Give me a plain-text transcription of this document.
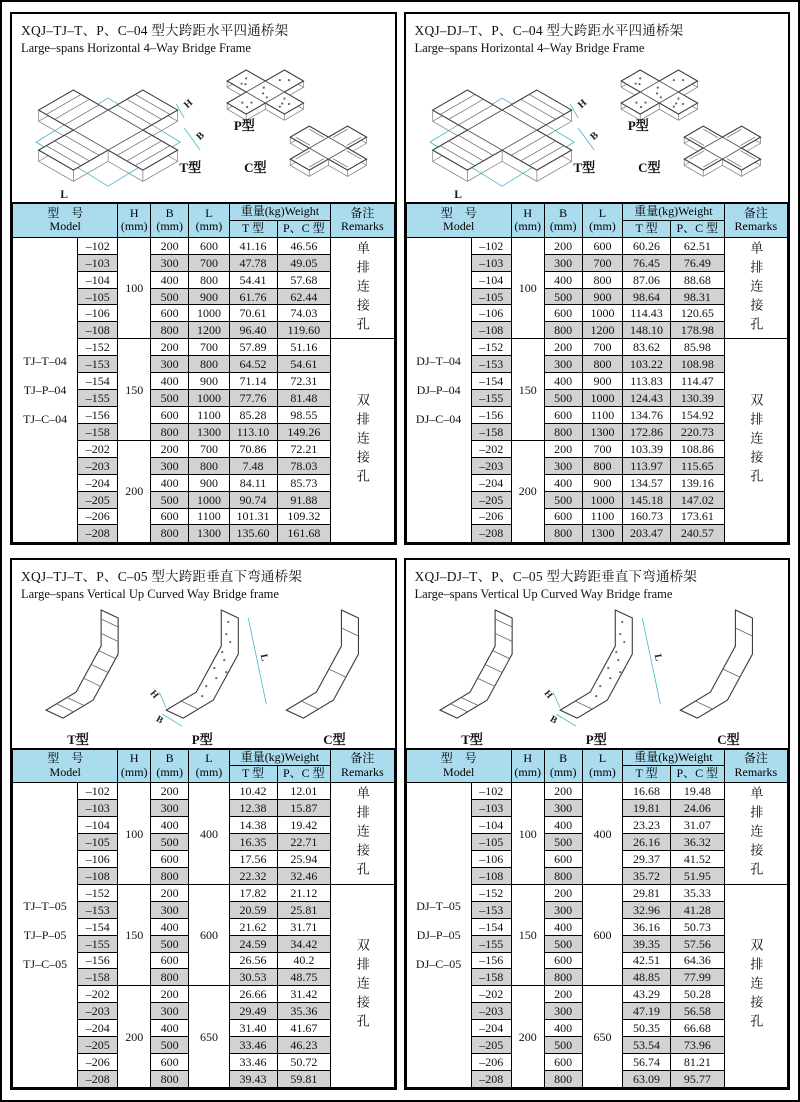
XQJ–TJ–T、P、C–04 型大跨距水平四通桥架
Large–spans Horizontal 4–Way Bridge Frame
T型
P型
C型
H
B
L
型　号
Model

H
(mm)

B
(mm)

L
(mm)
	重量(kg)Weight	备注
Remarks

					T 型	P、C 型	

TJ–T–04
TJ–P–04
TJ–C–04	–102	100	200	600	41.16	46.56	单排连接孔

	–103		300	700	47.78	49.05	
	–104		400	800	54.41	57.68	
	–105		500	900	61.76	62.44	
	–106		600	1000	70.61	74.03	
	–108		800	1200	96.40	119.60	
	–152	150	200	700	57.89	51.16	双排连接孔

	–153		300	800	64.52	54.61	
	–154		400	900	71.14	72.31	
	–155		500	1000	77.76	81.48	
	–156		600	1100	85.28	98.55	
	–158		800	1300	113.10	149.26	
	–202	200	200	700	70.86	72.21	
	–203		300	800	7.48	78.03	
	–204		400	900	84.11	85.73	
	–205		500	1000	90.74	91.88	
	–206		600	1100	101.31	109.32	
	–208		800	1300	135.60	161.68	
XQJ–DJ–T、P、C–04 型大跨距水平四通桥架
Large–spans Horizontal 4–Way Bridge Frame
T型
P型
C型
H
B
L
型　号
Model

H
(mm)

B
(mm)

L
(mm)
	重量(kg)Weight	备注
Remarks

					T 型	P、C 型	

DJ–T–04
DJ–P–04
DJ–C–04	–102	100	200	600	60.26	62.51	单排连接孔

	–103		300	700	76.45	76.49	
	–104		400	800	87.06	88.68	
	–105		500	900	98.64	98.31	
	–106		600	1000	114.43	120.65	
	–108		800	1200	148.10	178.98	
	–152	150	200	700	83.62	85.98	双排连接孔

	–153		300	800	103.22	108.98	
	–154		400	900	113.83	114.47	
	–155		500	1000	124.43	130.39	
	–156		600	1100	134.76	154.92	
	–158		800	1300	172.86	220.73	
	–202	200	200	700	103.39	108.86	
	–203		300	800	113.97	115.65	
	–204		400	900	134.57	139.16	
	–205		500	1000	145.18	147.02	
	–206		600	1100	160.73	173.61	
	–208		800	1300	203.47	240.57	
XQJ–TJ–T、P、C–05 型大跨距垂直下弯通桥架
Large–spans Vertical Up Curved Way Bridge frame
T型	P型	C型
L
H
B
型　号
Model

H
(mm)

B
(mm)

L
(mm)
	重量(kg)Weight	备注
Remarks

					T 型	P、C 型	

TJ–T–05
TJ–P–05
TJ–C–05	–102	100	200	400	10.42	12.01	单排连接孔

	–103		300		12.38	15.87	
	–104		400		14.38	19.42	
	–105		500		16.35	22.71	
	–106		600		17.56	25.94	
	–108		800		22.32	32.46	
	–152	150	200	600	17.82	21.12	双排连接孔

	–153		300		20.59	25.81	
	–154		400		21.62	31.71	
	–155		500		24.59	34.42	
	–156		600		26.56	40.2	
	–158		800		30.53	48.75	
	–202	200	200	650	26.66	31.42	
	–203		300		29.49	35.36	
	–204		400		31.40	41.67	
	–205		500		33.46	46.23	
	–206		600		33.46	50.72	
	–208		800		39.43	59.81	
XQJ–DJ–T、P、C–05 型大跨距垂直下弯通桥架
Large–spans Vertical Up Curved Way Bridge frame
T型	P型	C型
L
H
B
型　号
Model

H
(mm)

B
(mm)

L
(mm)
	重量(kg)Weight	备注
Remarks

					T 型	P、C 型	

DJ–T–05
DJ–P–05
DJ–C–05	–102	100	200	400	16.68	19.48	单排连接孔

	–103		300		19.81	24.06	
	–104		400		23.23	31.07	
	–105		500		26.16	36.32	
	–106		600		29.37	41.52	
	–108		800		35.72	51.95	
	–152	150	200	600	29.81	35.33	双排连接孔

	–153		300		32.96	41.28	
	–154		400		36.16	50.73	
	–155		500		39.35	57.56	
	–156		600		42.51	64.36	
	–158		800		48.85	77.99	
	–202	200	200	650	43.29	50.28	
	–203		300		47.19	56.58	
	–204		400		50.35	66.68	
	–205		500		53.54	73.96	
	–206		600		56.74	81.21	
	–208		800		63.09	95.77	
